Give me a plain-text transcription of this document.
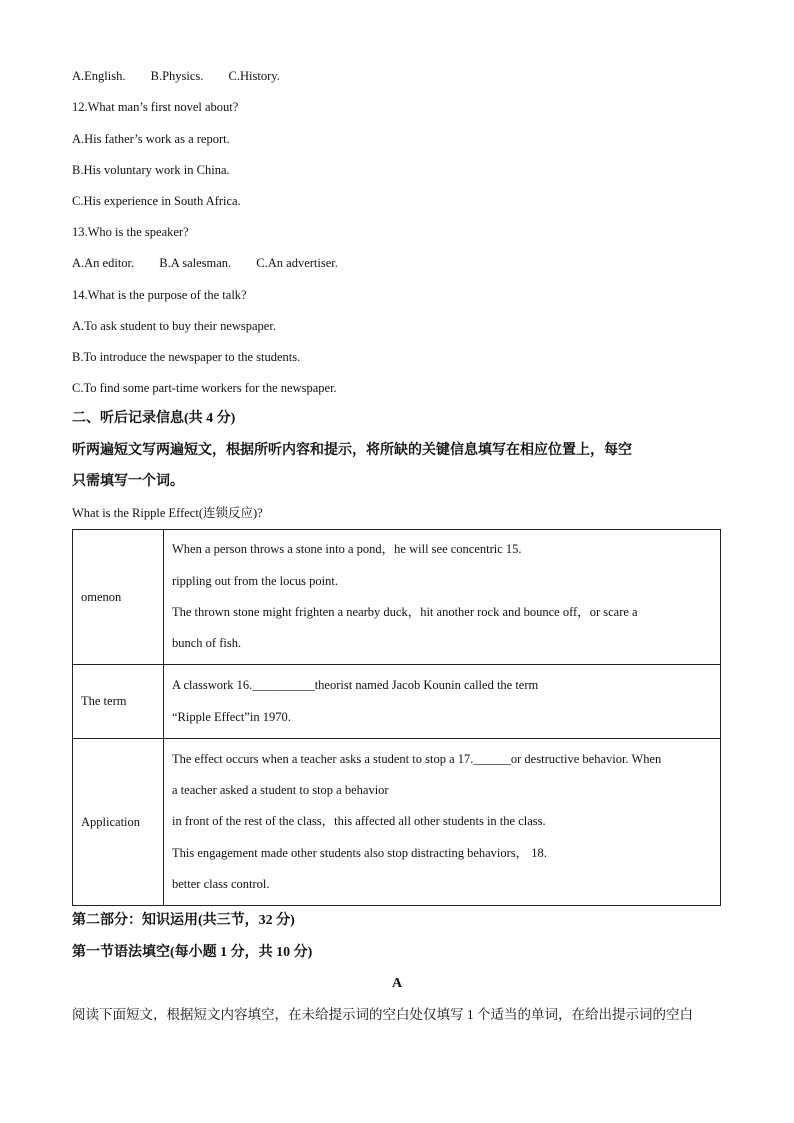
A.English. B.Physics. C.History.
12.What man’s first novel about?
A.His father’s work as a report.
B.His voluntary work in China.
C.His experience in South Africa.
13.Who is the speaker?
A.An editor. B.A salesman. C.An advertiser.
14.What is the purpose of the talk?
A.To ask student to buy their newspaper.
B.To introduce the newspaper to the students.
C.To find some part-time workers for the newspaper.
二、听后记录信息(共 4 分)
听两遍短文写两遍短文，根据所听内容和提示，将所缺的关键信息填写在相应位置上，每空
只需填写一个词。
What is the Ripple Effect(连锁反应)?
omenon	When a person throws a stone into a pond，he will see concentric 15.
rippling out from the locus point.
The thrown stone might frighten a nearby duck，hit another rock and bounce off，or scare a
bunch of fish.

The term	A classwork 16.__________theorist named Jacob Kounin called the term
“Ripple Effect”in 1970.

Application	The effect occurs when a teacher asks a student to stop a 17.______or destructive behavior. When
a teacher asked a student to stop a behavior
in front of the rest of the class，this affected all other students in the class.
This engagement made other students also stop distracting behaviors， 18.
better class control.
第二部分：知识运用(共三节，32 分)
第一节语法填空(每小题 1 分，共 10 分)
A
阅读下面短文，根据短文内容填空，在未给提示词的空白处仅填写 1 个适当的单词，在给出提示词的空白
